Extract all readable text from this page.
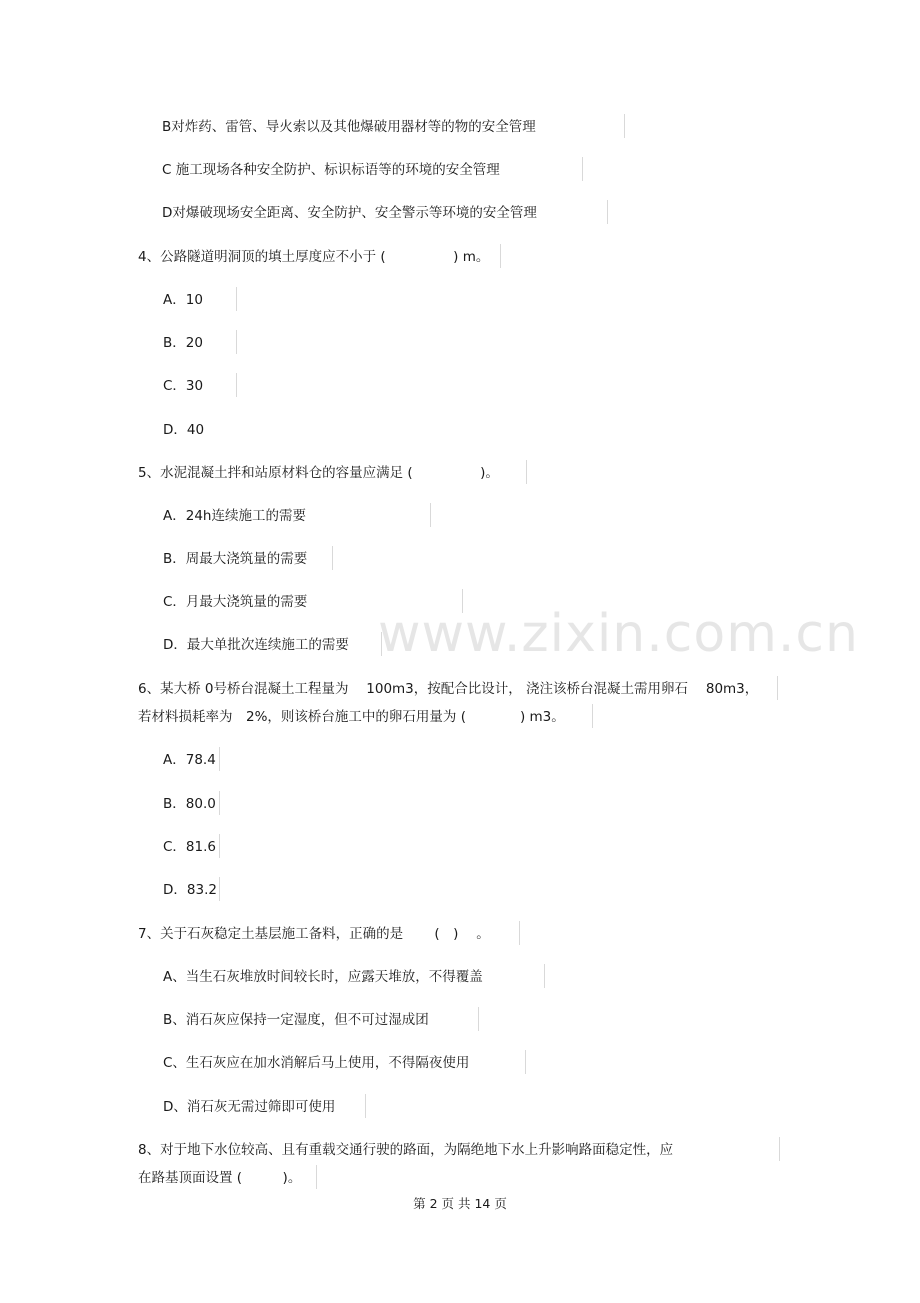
www.zixin.com.cn
B对炸药、雷管、导火索以及其他爆破用器材等的物的安全管理
C 施工现场各种安全防护、标识标语等的环境的安全管理
D对爆破现场安全距离、安全防护、安全警示等环境的安全管理
4、公路隧道明洞顶的填土厚度应不小于 (　　　　　) m。
A．10
B．20
C．30
D．40
5、水泥混凝土拌和站原材料仓的容量应满足 (　　　　　)。
A．24h连续施工的需要
B．周最大浇筑量的需要
C．月最大浇筑量的需要
D．最大单批次连续施工的需要
6、某大桥 0号桥台混凝土工程量为　 100m3，按配合比设计， 浇注该桥台混凝土需用卵石　 80m3，
若材料损耗率为　2%，则该桥台施工中的卵石用量为 (　　　　) m3。
A．78.4
B．80.0
C．81.6
D．83.2
7、关于石灰稳定土基层施工备料，正确的是　　 (　)　 。
A、当生石灰堆放时间较长时，应露天堆放，不得覆盖
B、消石灰应保持一定湿度，但不可过湿成团
C、生石灰应在加水消解后马上使用，不得隔夜使用
D、消石灰无需过筛即可使用
8、对于地下水位较高、且有重载交通行驶的路面，为隔绝地下水上升影响路面稳定性，应
在路基顶面设置 (　　　)。
第 2 页 共 14 页
